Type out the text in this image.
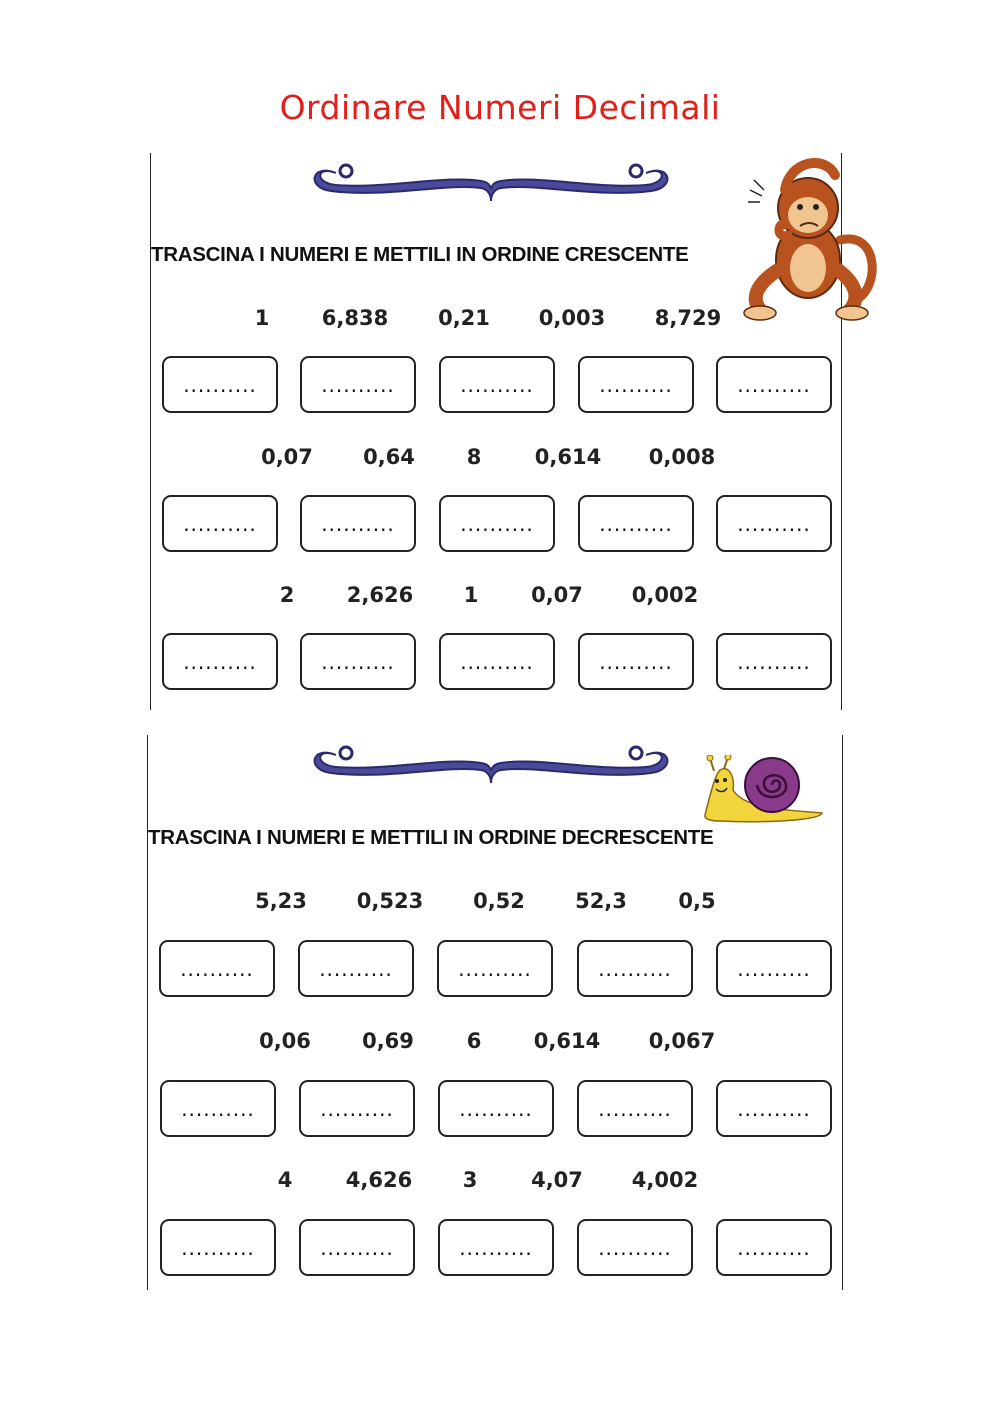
Ordinare Numeri Decimali
TRASCINA I NUMERI E METTILI IN ORDINE CRESCENTE
1 6,838 0,21 0,003 8,729
..........	..........	..........	..........	..........
0,07 0,64 8	0,614 0,008
..........	..........	..........	..........	..........
2 2,626 1	0,07 0,002
..........	..........	..........	..........	..........
TRASCINA I NUMERI E METTILI IN ORDINE DECRESCENTE
5,23 0,523 0,52 52,3 0,5
..........	..........	..........	..........	..........
0,06 0,69	6 0,614 0,067
..........	..........	..........	..........	..........
4	4,626 3	4,07 4,002
..........	..........	..........	..........	..........
